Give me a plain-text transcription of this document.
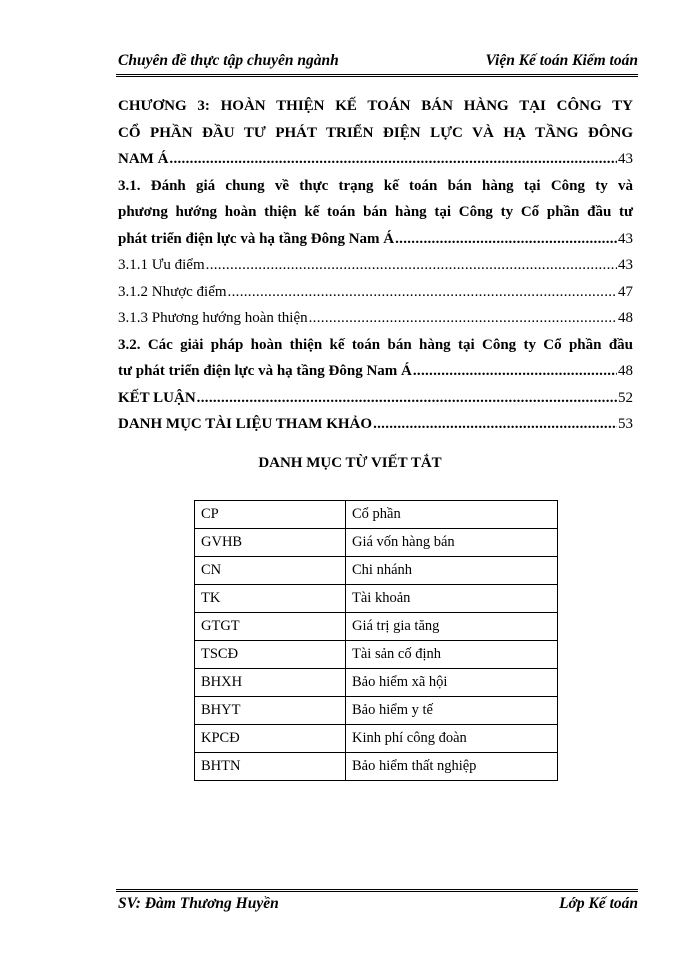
Chuyên đề thực tập chuyên ngành	Viện Kế toán Kiểm toán
CHƯƠNG 3: HOÀN THIỆN KẾ TOÁN BÁN HÀNG TẠI CÔNG TY
CỔ PHẦN ĐẦU TƯ PHÁT TRIỂN ĐIỆN LỰC VÀ HẠ TẦNG ĐÔNG
NAM Á .....	43
3.1. Đánh giá chung về thực trạng kế toán bán hàng tại Công ty và
phương hướng hoàn thiện kế toán bán hàng tại Công ty Cổ phần đầu tư
phát triển điện lực và hạ tầng Đông Nam Á .....	43
3.1.1 Ưu điểm .....	43
3.1.2 Nhược điểm .....	47
3.1.3 Phương hướng hoàn thiện .....	48
3.2. Các giải pháp hoàn thiện kế toán bán hàng tại Công ty Cổ phần đầu
tư phát triển điện lực và hạ tầng Đông Nam Á .....	48
KẾT LUẬN .....	52
DANH MỤC TÀI LIỆU THAM KHẢO .....	53
DANH MỤC TỪ VIẾT TẮT
CP	Cổ phần
GVHB	Giá vốn hàng bán
CN	Chi nhánh
TK	Tài khoản
GTGT	Giá trị gia tăng
TSCĐ	Tài sản cố định
BHXH	Bảo hiểm xã hội
BHYT	Bảo hiểm y tế
KPCĐ	Kinh phí công đoàn
BHTN	Bảo hiểm thất nghiệp
SV: Đàm Thương Huyền	Lớp Kế toán
